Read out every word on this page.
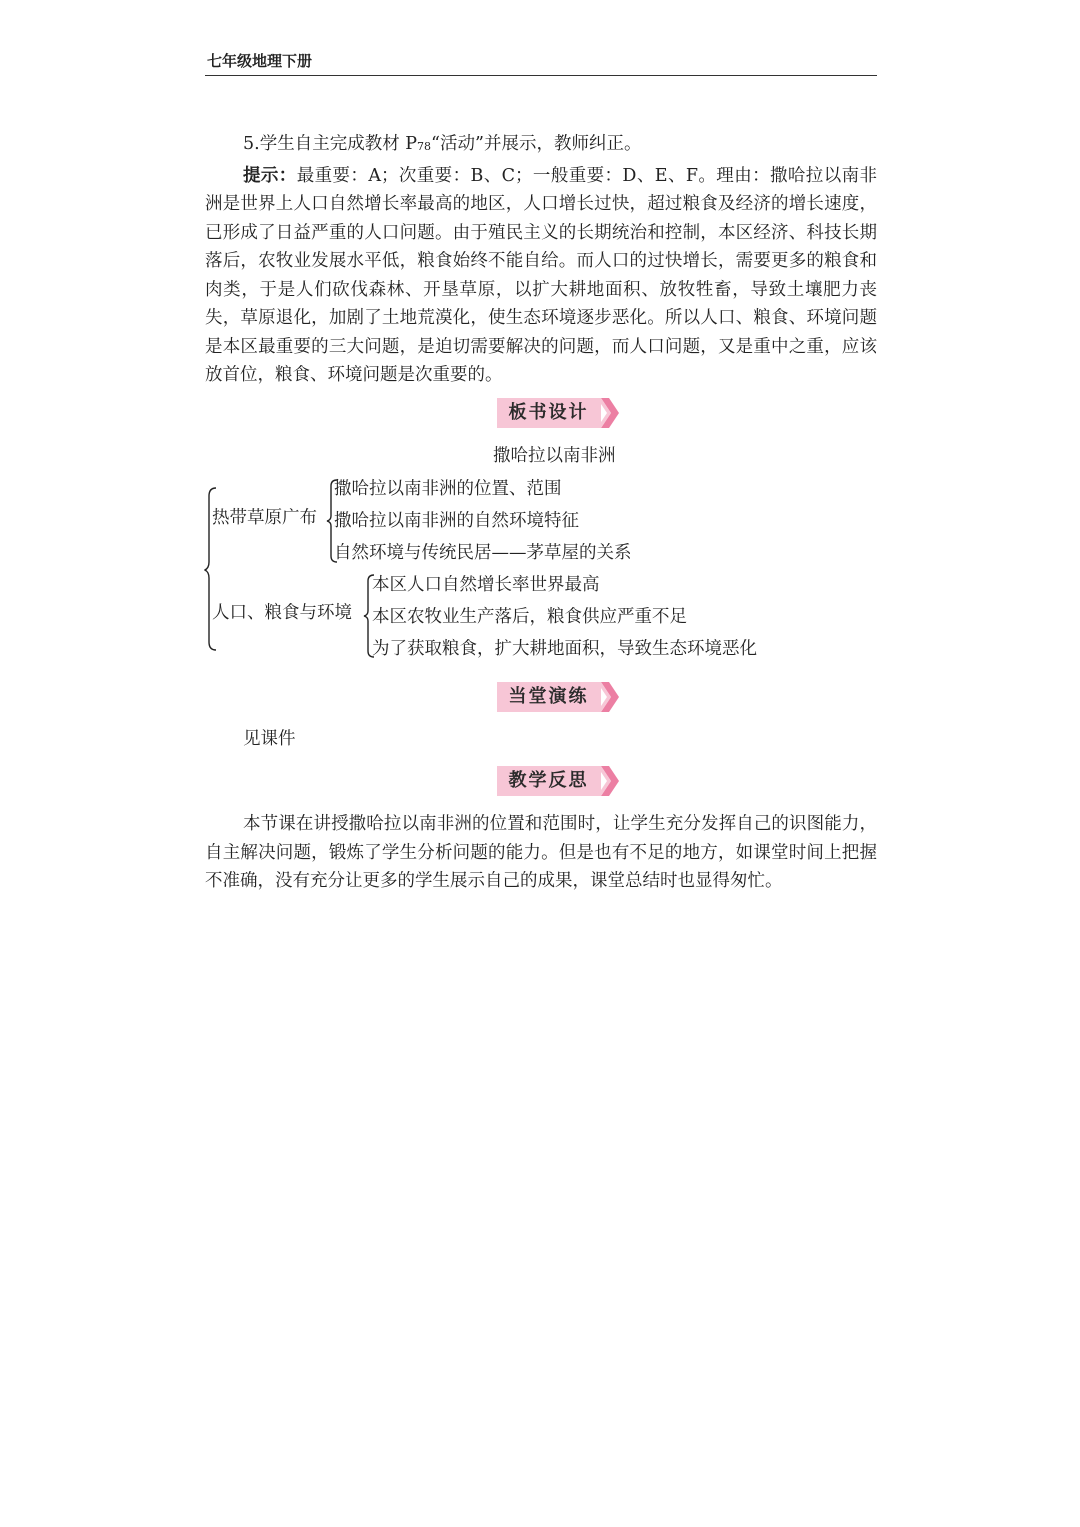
七年级地理下册

5.学生自主完成教材 P78“活动”并展示，教师纠正。

提示：最重要：A；次重要：B、C；一般重要：D、E、F。理由：撒哈拉以南非洲是世界上人口自然增长率最高的地区，人口增长过快，超过粮食及经济的增长速度，已形成了日益严重的人口问题。由于殖民主义的长期统治和控制，本区经济、科技长期落后，农牧业发展水平低，粮食始终不能自给。而人口的过快增长，需要更多的粮食和肉类，于是人们砍伐森林、开垦草原，以扩大耕地面积、放牧牲畜，导致土壤肥力丧失，草原退化，加剧了土地荒漠化，使生态环境逐步恶化。所以人口、粮食、环境问题是本区最重要的三大问题，是迫切需要解决的问题，而人口问题，又是重中之重，应该放首位，粮食、环境问题是次重要的。

板书设计
撒哈拉以南非洲
热带草原广布
撒哈拉以南非洲的位置、范围
撒哈拉以南非洲的自然环境特征
自然环境与传统民居——茅草屋的关系
人口、粮食与环境
本区人口自然增长率世界最高
本区农牧业生产落后，粮食供应严重不足
为了获取粮食，扩大耕地面积，导致生态环境恶化
当堂演练
见课件
教学反思

本节课在讲授撒哈拉以南非洲的位置和范围时，让学生充分发挥自己的识图能力，自主解决问题，锻炼了学生分析问题的能力。但是也有不足的地方，如课堂时间上把握不准确，没有充分让更多的学生展示自己的成果，课堂总结时也显得匆忙。
